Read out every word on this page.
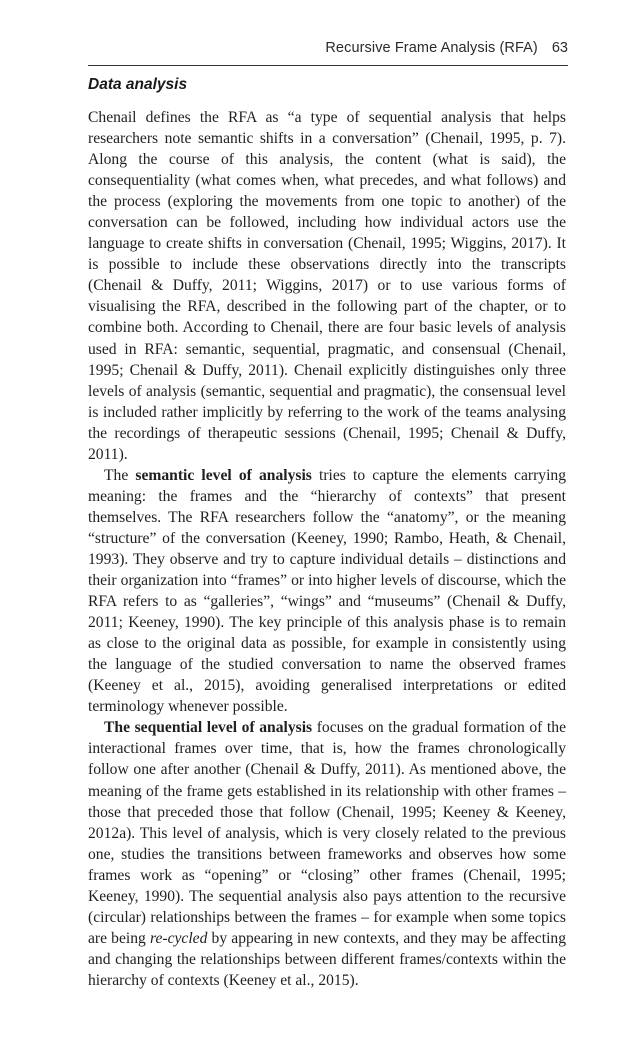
Recursive Frame Analysis (RFA) 63
Data analysis

Chenail defines the RFA as “a type of sequential analysis that helps researchers note semantic shifts in a conversation” (Chenail, 1995, p. 7). Along the course of this analysis, the content (what is said), the consequentiality (what comes when, what precedes, and what follows) and the process (exploring the movements from one topic to another) of the conversation can be followed, including how individual actors use the language to create shifts in conversation (Chenail, 1995; Wiggins, 2017). It is possible to include these observations directly into the transcripts (Chenail & Duffy, 2011; Wiggins, 2017) or to use various forms of visualising the RFA, described in the following part of the chapter, or to combine both. According to Chenail, there are four basic levels of analysis used in RFA: semantic, sequential, pragmatic, and consensual (Chenail, 1995; Chenail & Duffy, 2011). Chenail explicitly distinguishes only three levels of analysis (semantic, sequential and pragmatic), the consensual level is included rather implicitly by referring to the work of the teams analysing the recordings of therapeutic sessions (Chenail, 1995; Chenail & Duffy, 2011).

The semantic level of analysis tries to capture the elements carrying meaning: the frames and the “hierarchy of contexts” that present themselves. The RFA researchers follow the “anatomy”, or the meaning “structure” of the conversation (Keeney, 1990; Rambo, Heath, & Chenail, 1993). They observe and try to capture individual details – distinctions and their organization into “frames” or into higher levels of discourse, which the RFA refers to as “galleries”, “wings” and “museums” (Chenail & Duffy, 2011; Keeney, 1990). The key principle of this analysis phase is to remain as close to the original data as possible, for example in consistently using the language of the studied conversation to name the observed frames (Keeney et al., 2015), avoiding generalised interpretations or edited terminology whenever possible.

The sequential level of analysis focuses on the gradual formation of the interactional frames over time, that is, how the frames chronologically follow one after another (Chenail & Duffy, 2011). As mentioned above, the meaning of the frame gets established in its relationship with other frames – those that preceded those that follow (Chenail, 1995; Keeney & Keeney, 2012a). This level of analysis, which is very closely related to the previous one, studies the transitions between frameworks and observes how some frames work as “opening” or “closing” other frames (Chenail, 1995; Keeney, 1990). The sequential analysis also pays attention to the recursive (circular) relationships between the frames – for example when some topics are being re-cycled by appearing in new contexts, and they may be affecting and changing the relationships between different frames/contexts within the hierarchy of contexts (Keeney et al., 2015).
